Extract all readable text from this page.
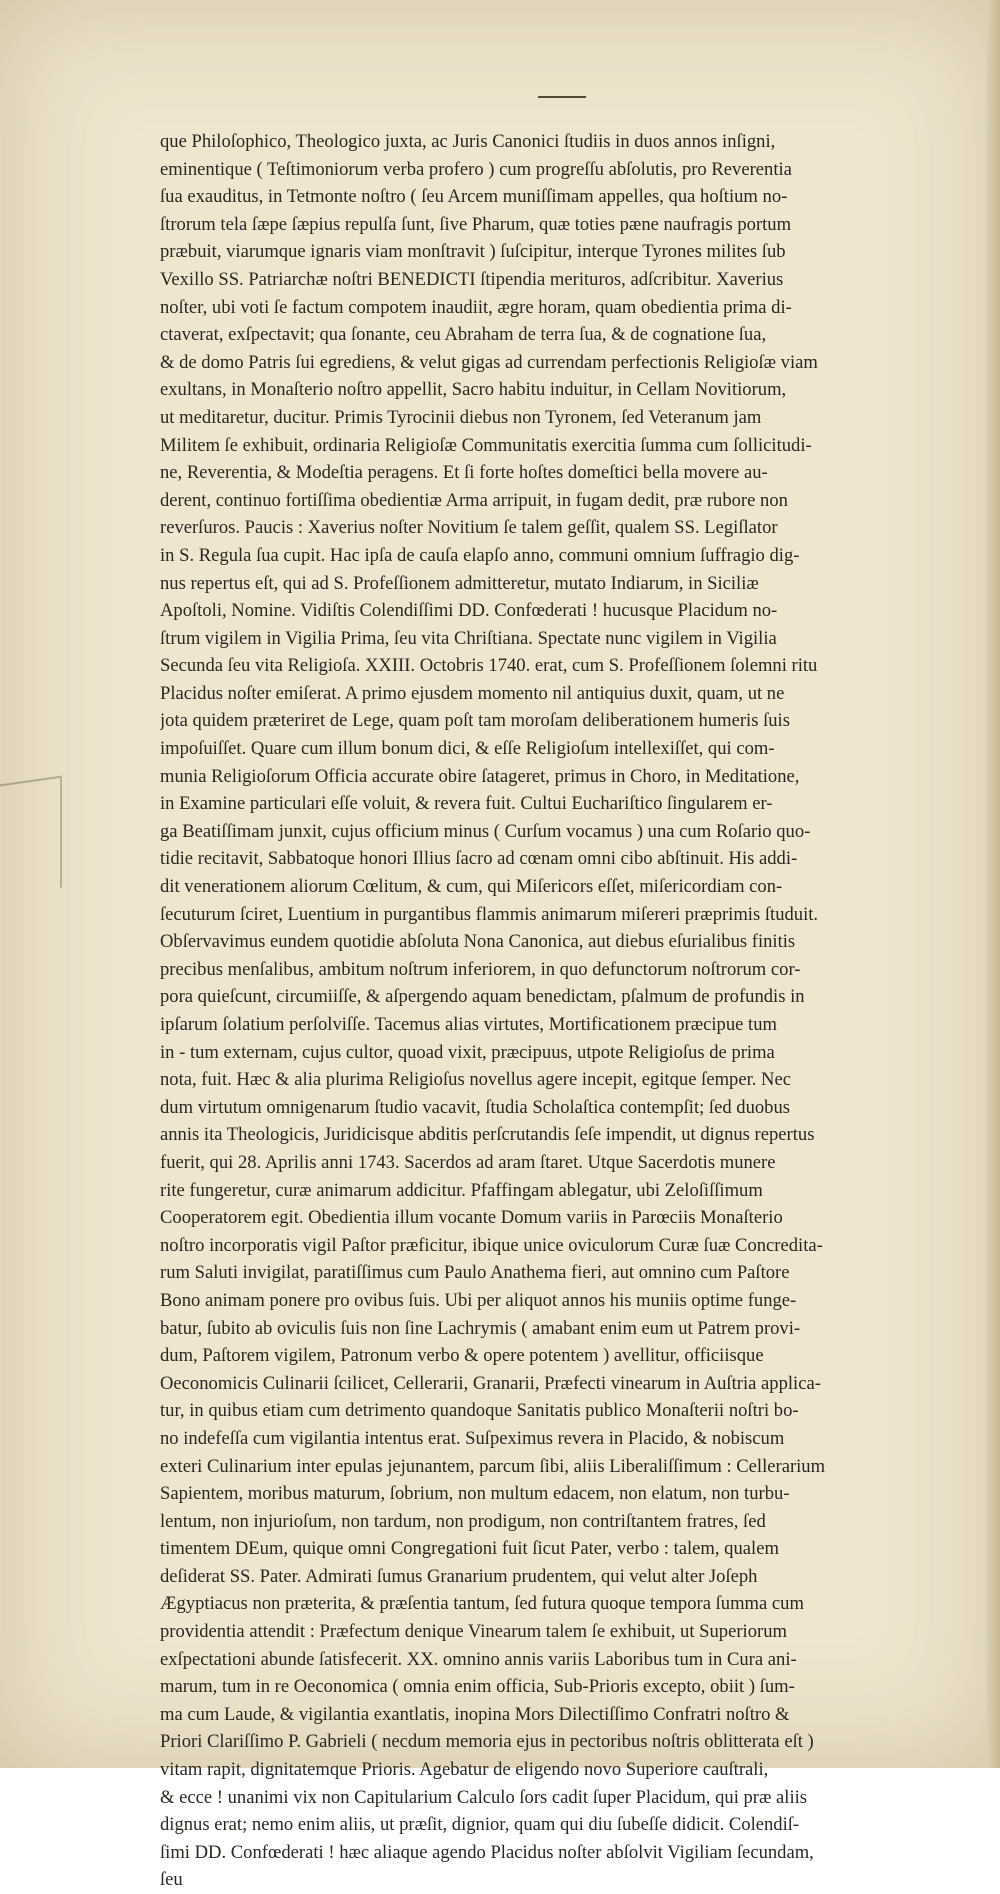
que Philoſophico, Theologico juxta, ac Juris Canonici ſtudiis in duos annos inſigni,
eminentique ( Teſtimoniorum verba profero ) cum progreſſu abſolutis, pro Reverentia
ſua exauditus, in Tetmonte noſtro ( ſeu Arcem muniſſimam appelles, qua hoſtium no-
ſtrorum tela ſæpe ſæpius repulſa ſunt, ſive Pharum, quæ toties pæne naufragis portum
præbuit, viarumque ignaris viam monſtravit ) ſuſcipitur, interque Tyrones milites ſub
Vexillo SS. Patriarchæ noſtri BENEDICTI ſtipendia merituros, adſcribitur. Xaverius
noſter, ubi voti ſe factum compotem inaudiit, ægre horam, quam obedientia prima di-
ctaverat, exſpectavit; qua ſonante, ceu Abraham de terra ſua, & de cognatione ſua,
& de domo Patris ſui egrediens, & velut gigas ad currendam perfectionis Religioſæ viam
exultans, in Monaſterio noſtro appellit, Sacro habitu induitur, in Cellam Novitiorum,
ut meditaretur, ducitur. Primis Tyrocinii diebus non Tyronem, ſed Veteranum jam
Militem ſe exhibuit, ordinaria Religioſæ Communitatis exercitia ſumma cum ſollicitudi-
ne, Reverentia, & Modeſtia peragens. Et ſi forte hoſtes domeſtici bella movere au-
derent, continuo fortiſſima obedientiæ Arma arripuit, in fugam dedit, præ rubore non
reverſuros. Paucis : Xaverius noſter Novitium ſe talem geſſit, qualem SS. Legiſlator
in S. Regula ſua cupit. Hac ipſa de cauſa elapſo anno, communi omnium ſuffragio dig-
nus repertus eſt, qui ad S. Profeſſionem admitteretur, mutato Indiarum, in Siciliæ
Apoſtoli, Nomine. Vidiſtis Colendiſſimi DD. Confœderati ! hucusque Placidum no-
ſtrum vigilem in Vigilia Prima, ſeu vita Chriſtiana. Spectate nunc vigilem in Vigilia
Secunda ſeu vita Religioſa. XXIII. Octobris 1740. erat, cum S. Profeſſionem ſolemni ritu
Placidus noſter emiſerat. A primo ejusdem momento nil antiquius duxit, quam, ut ne
jota quidem præteriret de Lege, quam poſt tam moroſam deliberationem humeris ſuis
impoſuiſſet. Quare cum illum bonum dici, & eſſe Religioſum intellexiſſet, qui com-
munia Religioſorum Officia accurate obire ſatageret, primus in Choro, in Meditatione,
in Examine particulari eſſe voluit, & revera fuit. Cultui Euchariſtico ſingularem er-
ga Beatiſſimam junxit, cujus officium minus ( Curſum vocamus ) una cum Roſario quo-
tidie recitavit, Sabbatoque honori Illius ſacro ad cœnam omni cibo abſtinuit. His addi-
dit venerationem aliorum Cœlitum, & cum, qui Miſericors eſſet, miſericordiam con-
ſecuturum ſciret, Luentium in purgantibus flammis animarum miſereri præprimis ſtuduit.
Obſervavimus eundem quotidie abſoluta Nona Canonica, aut diebus eſurialibus finitis
precibus menſalibus, ambitum noſtrum inferiorem, in quo defunctorum noſtrorum cor-
pora quieſcunt, circumiiſſe, & aſpergendo aquam benedictam, pſalmum de profundis in
ipſarum ſolatium perſolviſſe. Tacemus alias virtutes, Mortificationem præcipue tum
in - tum externam, cujus cultor, quoad vixit, præcipuus, utpote Religioſus de prima
nota, fuit. Hæc & alia plurima Religioſus novellus agere incepit, egitque ſemper. Nec
dum virtutum omnigenarum ſtudio vacavit, ſtudia Scholaſtica contempſit; ſed duobus
annis ita Theologicis, Juridicisque abditis perſcrutandis ſeſe impendit, ut dignus repertus
fuerit, qui 28. Aprilis anni 1743. Sacerdos ad aram ſtaret. Utque Sacerdotis munere
rite fungeretur, curæ animarum addicitur. Pfaffingam ablegatur, ubi Zeloſiſſimum
Cooperatorem egit. Obedientia illum vocante Domum variis in Parœciis Monaſterio
noſtro incorporatis vigil Paſtor præficitur, ibique unice oviculorum Curæ ſuæ Concredita-
rum Saluti invigilat, paratiſſimus cum Paulo Anathema fieri, aut omnino cum Paſtore
Bono animam ponere pro ovibus ſuis. Ubi per aliquot annos his muniis optime funge-
batur, ſubito ab oviculis ſuis non ſine Lachrymis ( amabant enim eum ut Patrem provi-
dum, Paſtorem vigilem, Patronum verbo & opere potentem ) avellitur, officiisque
Oeconomicis Culinarii ſcilicet, Cellerarii, Granarii, Præfecti vinearum in Auſtria applica-
tur, in quibus etiam cum detrimento quandoque Sanitatis publico Monaſterii noſtri bo-
no indefeſſa cum vigilantia intentus erat. Suſpeximus revera in Placido, & nobiscum
exteri Culinarium inter epulas jejunantem, parcum ſibi, aliis Liberaliſſimum : Cellerarium
Sapientem, moribus maturum, ſobrium, non multum edacem, non elatum, non turbu-
lentum, non injurioſum, non tardum, non prodigum, non contriſtantem fratres, ſed
timentem DEum, quique omni Congregationi fuit ſicut Pater, verbo : talem, qualem
deſiderat SS. Pater. Admirati ſumus Granarium prudentem, qui velut alter Joſeph
Ægyptiacus non præterita, & præſentia tantum, ſed futura quoque tempora ſumma cum
providentia attendit : Præfectum denique Vinearum talem ſe exhibuit, ut Superiorum
exſpectationi abunde ſatisfecerit. XX. omnino annis variis Laboribus tum in Cura ani-
marum, tum in re Oeconomica ( omnia enim officia, Sub-Prioris excepto, obiit ) ſum-
ma cum Laude, & vigilantia exantlatis, inopina Mors Dilectiſſimo Confratri noſtro &
Priori Clariſſimo P. Gabrieli ( necdum memoria ejus in pectoribus noſtris oblitterata eſt )
vitam rapit, dignitatemque Prioris. Agebatur de eligendo novo Superiore cauſtrali,
& ecce ! unanimi vix non Capitularium Calculo ſors cadit ſuper Placidum, qui præ aliis
dignus erat; nemo enim aliis, ut præſit, dignior, quam qui diu ſubeſſe didicit. Colendiſ-
ſimi DD. Confœderati ! hæc aliaque agendo Placidus noſter abſolvit Vigiliam ſecundam,
ſeu
